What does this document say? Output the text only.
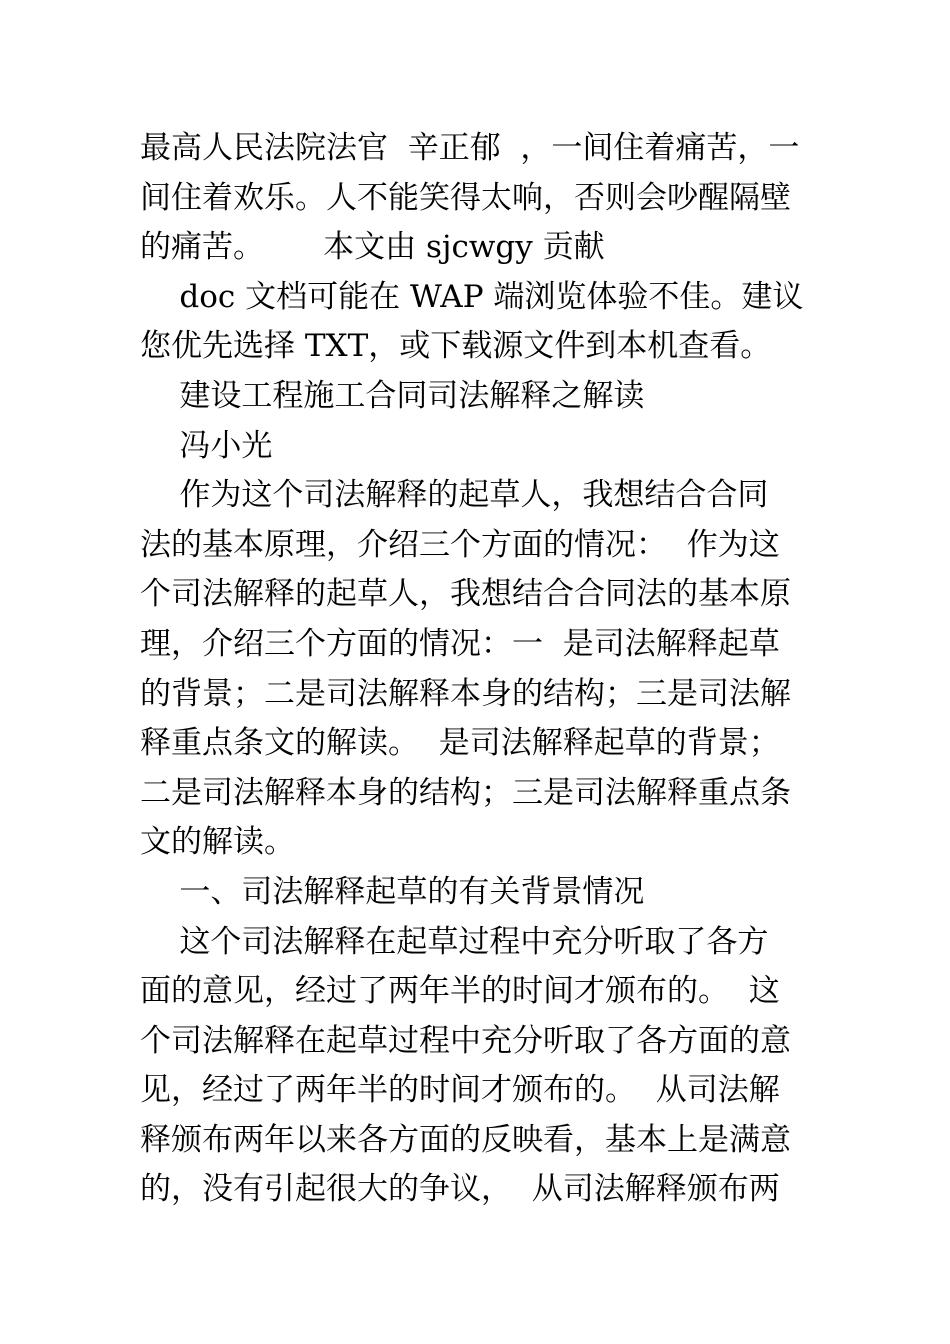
最高人民法院法官  辛正郁  ，一间住着痛苦，一
间住着欢乐。人不能笑得太响，否则会吵醒隔壁
的痛苦。      本文由 sjcwgy 贡献
doc 文档可能在 WAP 端浏览体验不佳。建议
您优先选择 TXT，或下载源文件到本机查看。
建设工程施工合同司法解释之解读
冯小光
作为这个司法解释的起草人，我想结合合同
法的基本原理，介绍三个方面的情况：  作为这
个司法解释的起草人，我想结合合同法的基本原
理，介绍三个方面的情况：一  是司法解释起草
的背景；二是司法解释本身的结构；三是司法解
释重点条文的解读。  是司法解释起草的背景；
二是司法解释本身的结构；三是司法解释重点条
文的解读。
一、司法解释起草的有关背景情况
这个司法解释在起草过程中充分听取了各方
面的意见，经过了两年半的时间才颁布的。  这
个司法解释在起草过程中充分听取了各方面的意
见，经过了两年半的时间才颁布的。  从司法解
释颁布两年以来各方面的反映看，基本上是满意
的，没有引起很大的争议，  从司法解释颁布两
